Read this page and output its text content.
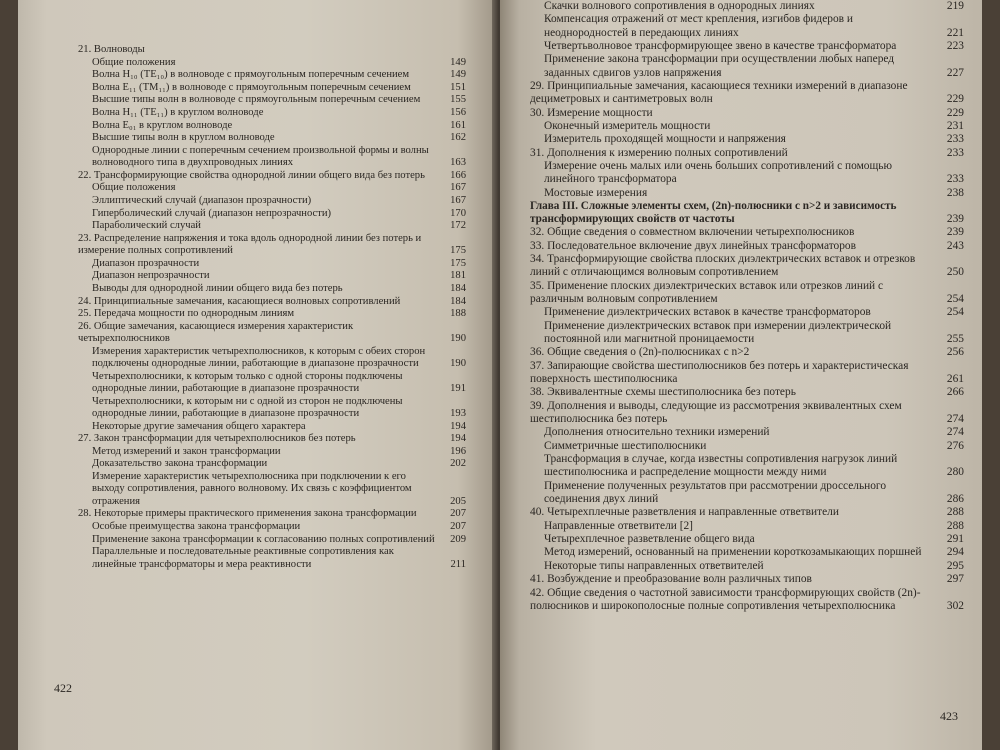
21. Волноводы
Общие положения	149
Волна H₁₀ (TE₁₀) в волноводе с прямоугольным поперечным сечением	149
Волна E₁₁ (TM₁₁) в волноводе с прямоугольным поперечным сечением	151
Высшие типы волн в волноводе с прямоугольным поперечным сечением	155
Волна H₁₁ (TE₁₁) в круглом волноводе	156
Волна E₀₁ в круглом волноводе	161
Высшие типы волн в круглом волноводе	162
Однородные линии с поперечным сечением произвольной формы и волны волноводного типа в двухпроводных линиях	163
22. Трансформирующие свойства однородной линии общего вида без потерь	166
Общие положения	167
Эллиптический случай (диапазон прозрачности)	167
Гиперболический случай (диапазон непрозрачности)	170
Параболический случай	172
23. Распределение напряжения и тока вдоль однородной линии без потерь и измерение полных сопротивлений	175
Диапазон прозрачности	175
Диапазон непрозрачности	181
Выводы для однородной линии общего вида без потерь	184
24. Принципиальные замечания, касающиеся волновых сопротивлений	184
25. Передача мощности по однородным линиям	188
26. Общие замечания, касающиеся измерения характеристик четырехполюсников	190
Измерения характеристик четырехполюсников, к которым с обеих сторон подключены однородные линии, работающие в диапазоне прозрачности	190
Четырехполюсники, к которым только с одной стороны подключены однородные линии, работающие в диапазоне прозрачности	191
Четырехполюсники, к которым ни с одной из сторон не подключены однородные линии, работающие в диапазоне прозрачности	193
Некоторые другие замечания общего характера	194
27. Закон трансформации для четырехполюсников без потерь	194
Метод измерений и закон трансформации	196
Доказательство закона трансформации	202
Измерение характеристик четырехполюсника при подключении к его выходу сопротивления, равного волновому. Их связь с коэффициентом отражения	205
28. Некоторые примеры практического применения закона трансформации	207
Особые преимущества закона трансформации	207
Применение закона трансформации к согласованию полных сопротивлений	209
Параллельные и последовательные реактивные сопротивления как линейные трансформаторы и мера реактивности	211
422
Скачки волнового сопротивления в однородных линиях	219
Компенсация отражений от мест крепления, изгибов фидеров и неоднородностей в передающих линиях	221
Четвертьволновое трансформирующее звено в качестве трансформатора	223
Применение закона трансформации при осуществлении любых наперед заданных сдвигов узлов напряжения	227
29. Принципиальные замечания, касающиеся техники измерений в диапазоне дециметровых и сантиметровых волн	229
30. Измерение мощности	229
Оконечный измеритель мощности	231
Измеритель проходящей мощности и напряжения	233
31. Дополнения к измерению полных сопротивлений	233
Измерение очень малых или очень больших сопротивлений с помощью линейного трансформатора	233
Мостовые измерения	238
Глава III. Сложные элементы схем, (2n)-полюсники с n>2 и зависимость трансформирующих свойств от частоты	239
32. Общие сведения о совместном включении четырехполюсников	239
33. Последовательное включение двух линейных трансформаторов	243
34. Трансформирующие свойства плоских диэлектрических вставок и отрезков линий с отличающимся волновым сопротивлением	250
35. Применение плоских диэлектрических вставок или отрезков линий с различным волновым сопротивлением	254
Применение диэлектрических вставок в качестве трансформаторов	254
Применение диэлектрических вставок при измерении диэлектрической постоянной или магнитной проницаемости	255
36. Общие сведения о (2n)-полюсниках с n>2	256
37. Запирающие свойства шестиполюсников без потерь и характеристическая поверхность шестиполюсника	261
38. Эквивалентные схемы шестиполюсника без потерь	266
39. Дополнения и выводы, следующие из рассмотрения эквивалентных схем шестиполюсника без потерь	274
Дополнения относительно техники измерений	274
Симметричные шестиполюсники	276
Трансформация в случае, когда известны сопротивления нагрузок линий шестиполюсника и распределение мощности между ними	280
Применение полученных результатов при рассмотрении дроссельного соединения двух линий	286
40. Четырехплечные разветвления и направленные ответвители	288
Направленные ответвители [2]	288
Четырехплечное разветвление общего вида	291
Метод измерений, основанный на применении короткозамыкающих поршней	294
Некоторые типы направленных ответвителей	295
41. Возбуждение и преобразование волн различных типов	297
42. Общие сведения о частотной зависимости трансформирующих свойств (2n)-полюсников и широкополосные полные сопротивления четырехполюсника	302
423
